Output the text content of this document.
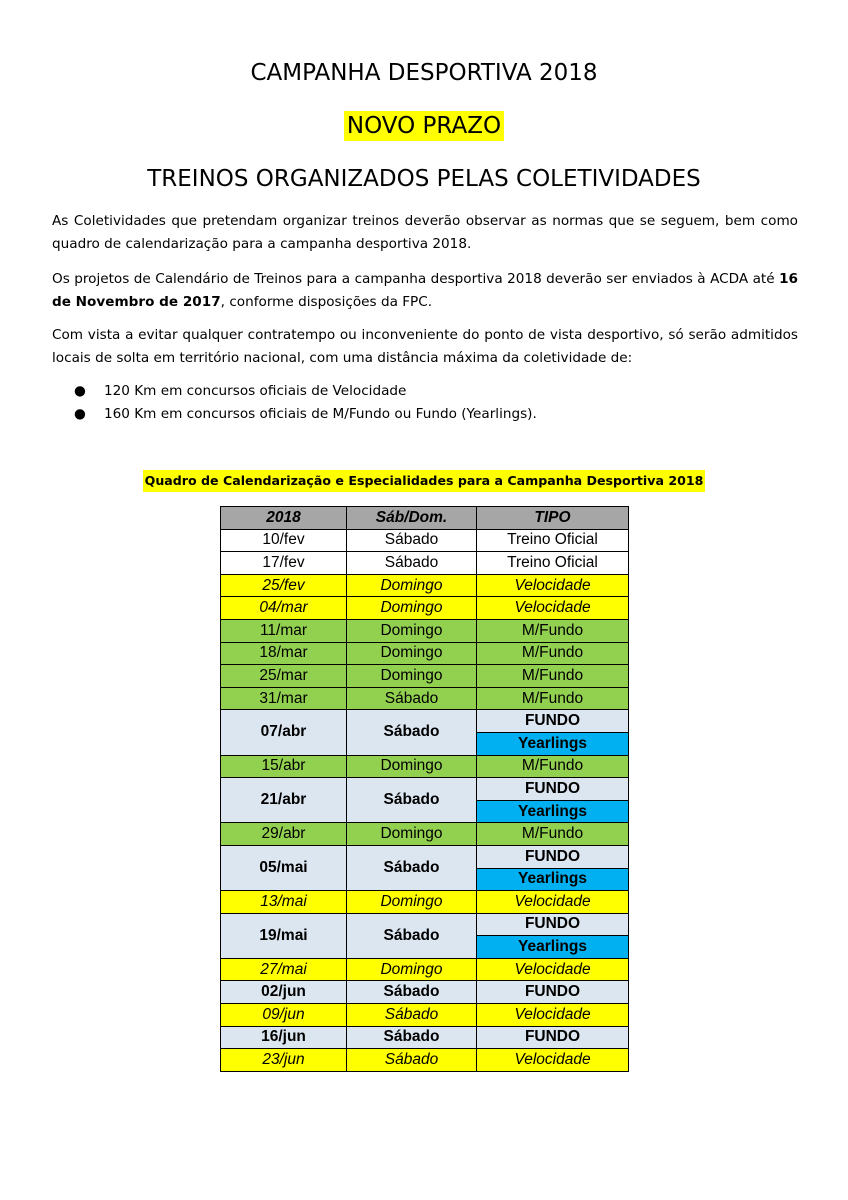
CAMPANHA DESPORTIVA 2018
NOVO PRAZO
TREINOS ORGANIZADOS PELAS COLETIVIDADES

As Coletividades que pretendam organizar treinos deverão observar as normas que se seguem, bem como quadro de calendarização para a campanha desportiva 2018.

Os projetos de Calendário de Treinos para a campanha desportiva 2018 deverão ser enviados à ACDA até 16 de Novembro de 2017, conforme disposições da FPC.

Com vista a evitar qualquer contratempo ou inconveniente do ponto de vista desportivo, só serão admitidos locais de solta em território nacional, com uma distância máxima da coletividade de:

● 120 Km em concursos oficiais de Velocidade
● 160 Km em concursos oficiais de M/Fundo ou Fundo (Yearlings).
Quadro de Calendarização e Especialidades para a Campanha Desportiva 2018
2018	Sáb/Dom.	TIPO
10/fev	Sábado	Treino Oficial
17/fev	Sábado	Treino Oficial
25/fev	Domingo	Velocidade
04/mar	Domingo	Velocidade
11/mar	Domingo	M/Fundo
18/mar	Domingo	M/Fundo
25/mar	Domingo	M/Fundo
31/mar	Sábado	M/Fundo
07/abr	Sábado	FUNDO
		Yearlings
15/abr	Domingo	M/Fundo
21/abr	Sábado	FUNDO
		Yearlings
29/abr	Domingo	M/Fundo
05/mai	Sábado	FUNDO
		Yearlings
13/mai	Domingo	Velocidade
19/mai	Sábado	FUNDO
		Yearlings
27/mai	Domingo	Velocidade
02/jun	Sábado	FUNDO
09/jun	Sábado	Velocidade
16/jun	Sábado	FUNDO
23/jun	Sábado	Velocidade
